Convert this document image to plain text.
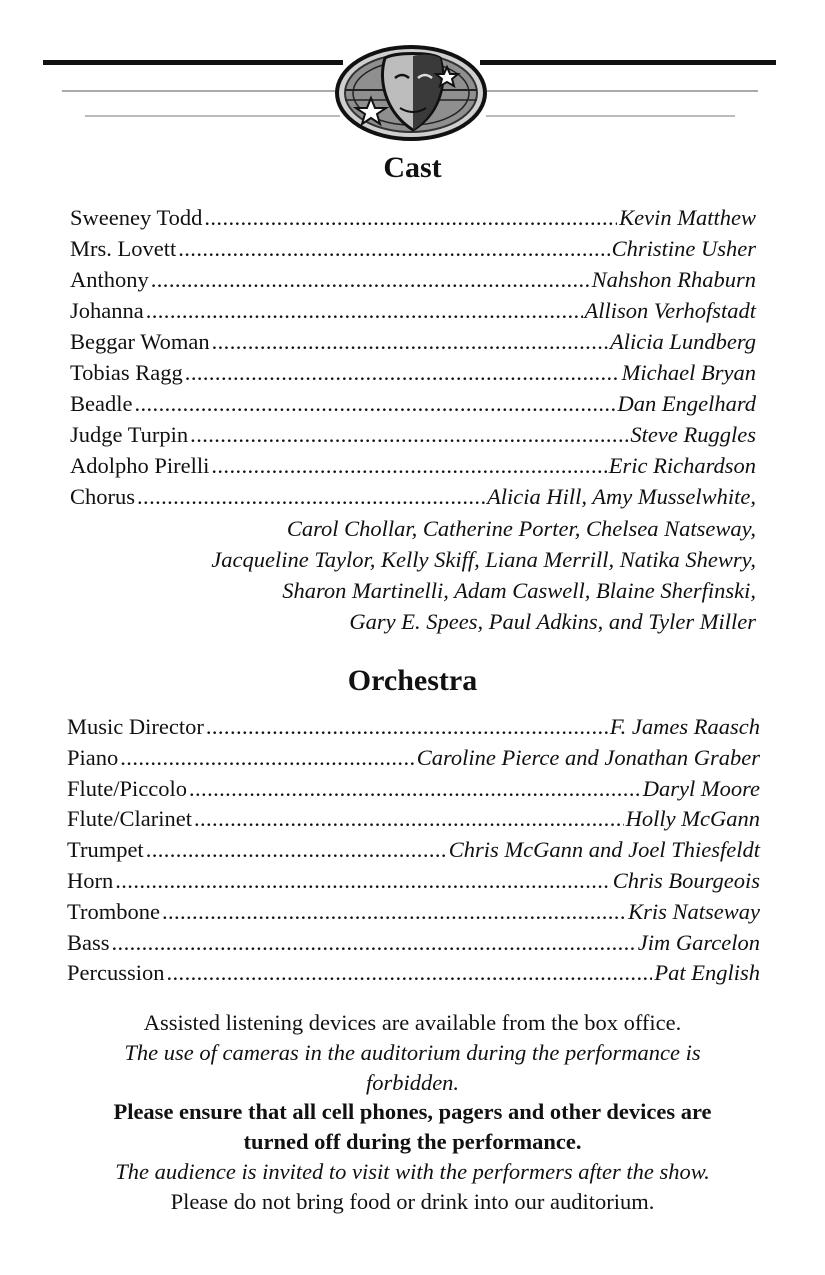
Cast
Sweeney Todd .....	Kevin Matthew
Mrs. Lovett .....	Christine Usher
Anthony .....	Nahshon Rhaburn
Johanna .....	Allison Verhofstadt
Beggar Woman .....	Alicia Lundberg
Tobias Ragg .....	Michael Bryan
Beadle .....	Dan Engelhard
Judge Turpin .....	Steve Ruggles
Adolpho Pirelli .....	Eric Richardson
Chorus .....	Alicia Hill, Amy Musselwhite,
Carol Chollar, Catherine Porter, Chelsea Natseway,
Jacqueline Taylor, Kelly Skiff, Liana Merrill, Natika Shewry,
Sharon Martinelli, Adam Caswell, Blaine Sherfinski,
Gary E. Spees, Paul Adkins, and Tyler Miller
Orchestra
Music Director .....	F. James Raasch
Piano .....	Caroline Pierce and Jonathan Graber
Flute/Piccolo .....	Daryl Moore
Flute/Clarinet .....	Holly McGann
Trumpet .....	Chris McGann and Joel Thiesfeldt
Horn .....	Chris Bourgeois
Trombone .....	Kris Natseway
Bass .....	Jim Garcelon
Percussion .....	Pat English

Assisted listening devices are available from the box office.

The use of cameras in the auditorium during the performance is forbidden.

Please ensure that all cell phones, pagers and other devices are turned off during the performance.

The audience is invited to visit with the performers after the show.

Please do not bring food or drink into our auditorium.
